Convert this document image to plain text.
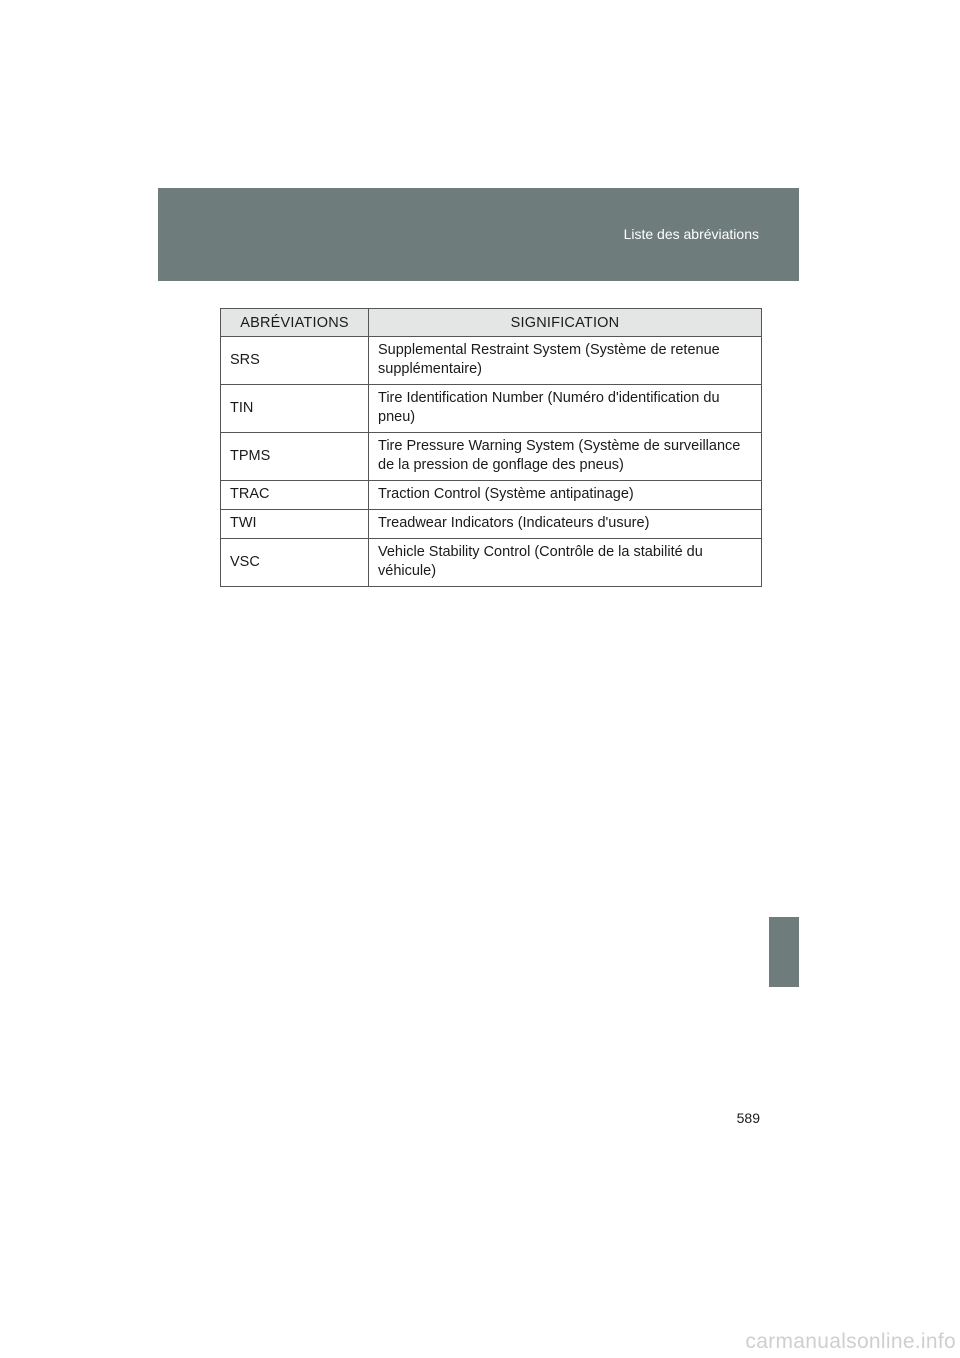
Liste des abréviations
ABRÉVIATIONS	SIGNIFICATION
SRS	Supplemental Restraint System (Système de retenue supplémentaire)
TIN	Tire Identification Number (Numéro d'identification du pneu)
TPMS	Tire Pressure Warning System (Système de surveillance de la pression de gonflage des pneus)
TRAC	Traction Control (Système antipatinage)
TWI	Treadwear Indicators (Indicateurs d'usure)
VSC	Vehicle Stability Control (Contrôle de la stabilité du véhicule)
589
carmanualsonline.info
